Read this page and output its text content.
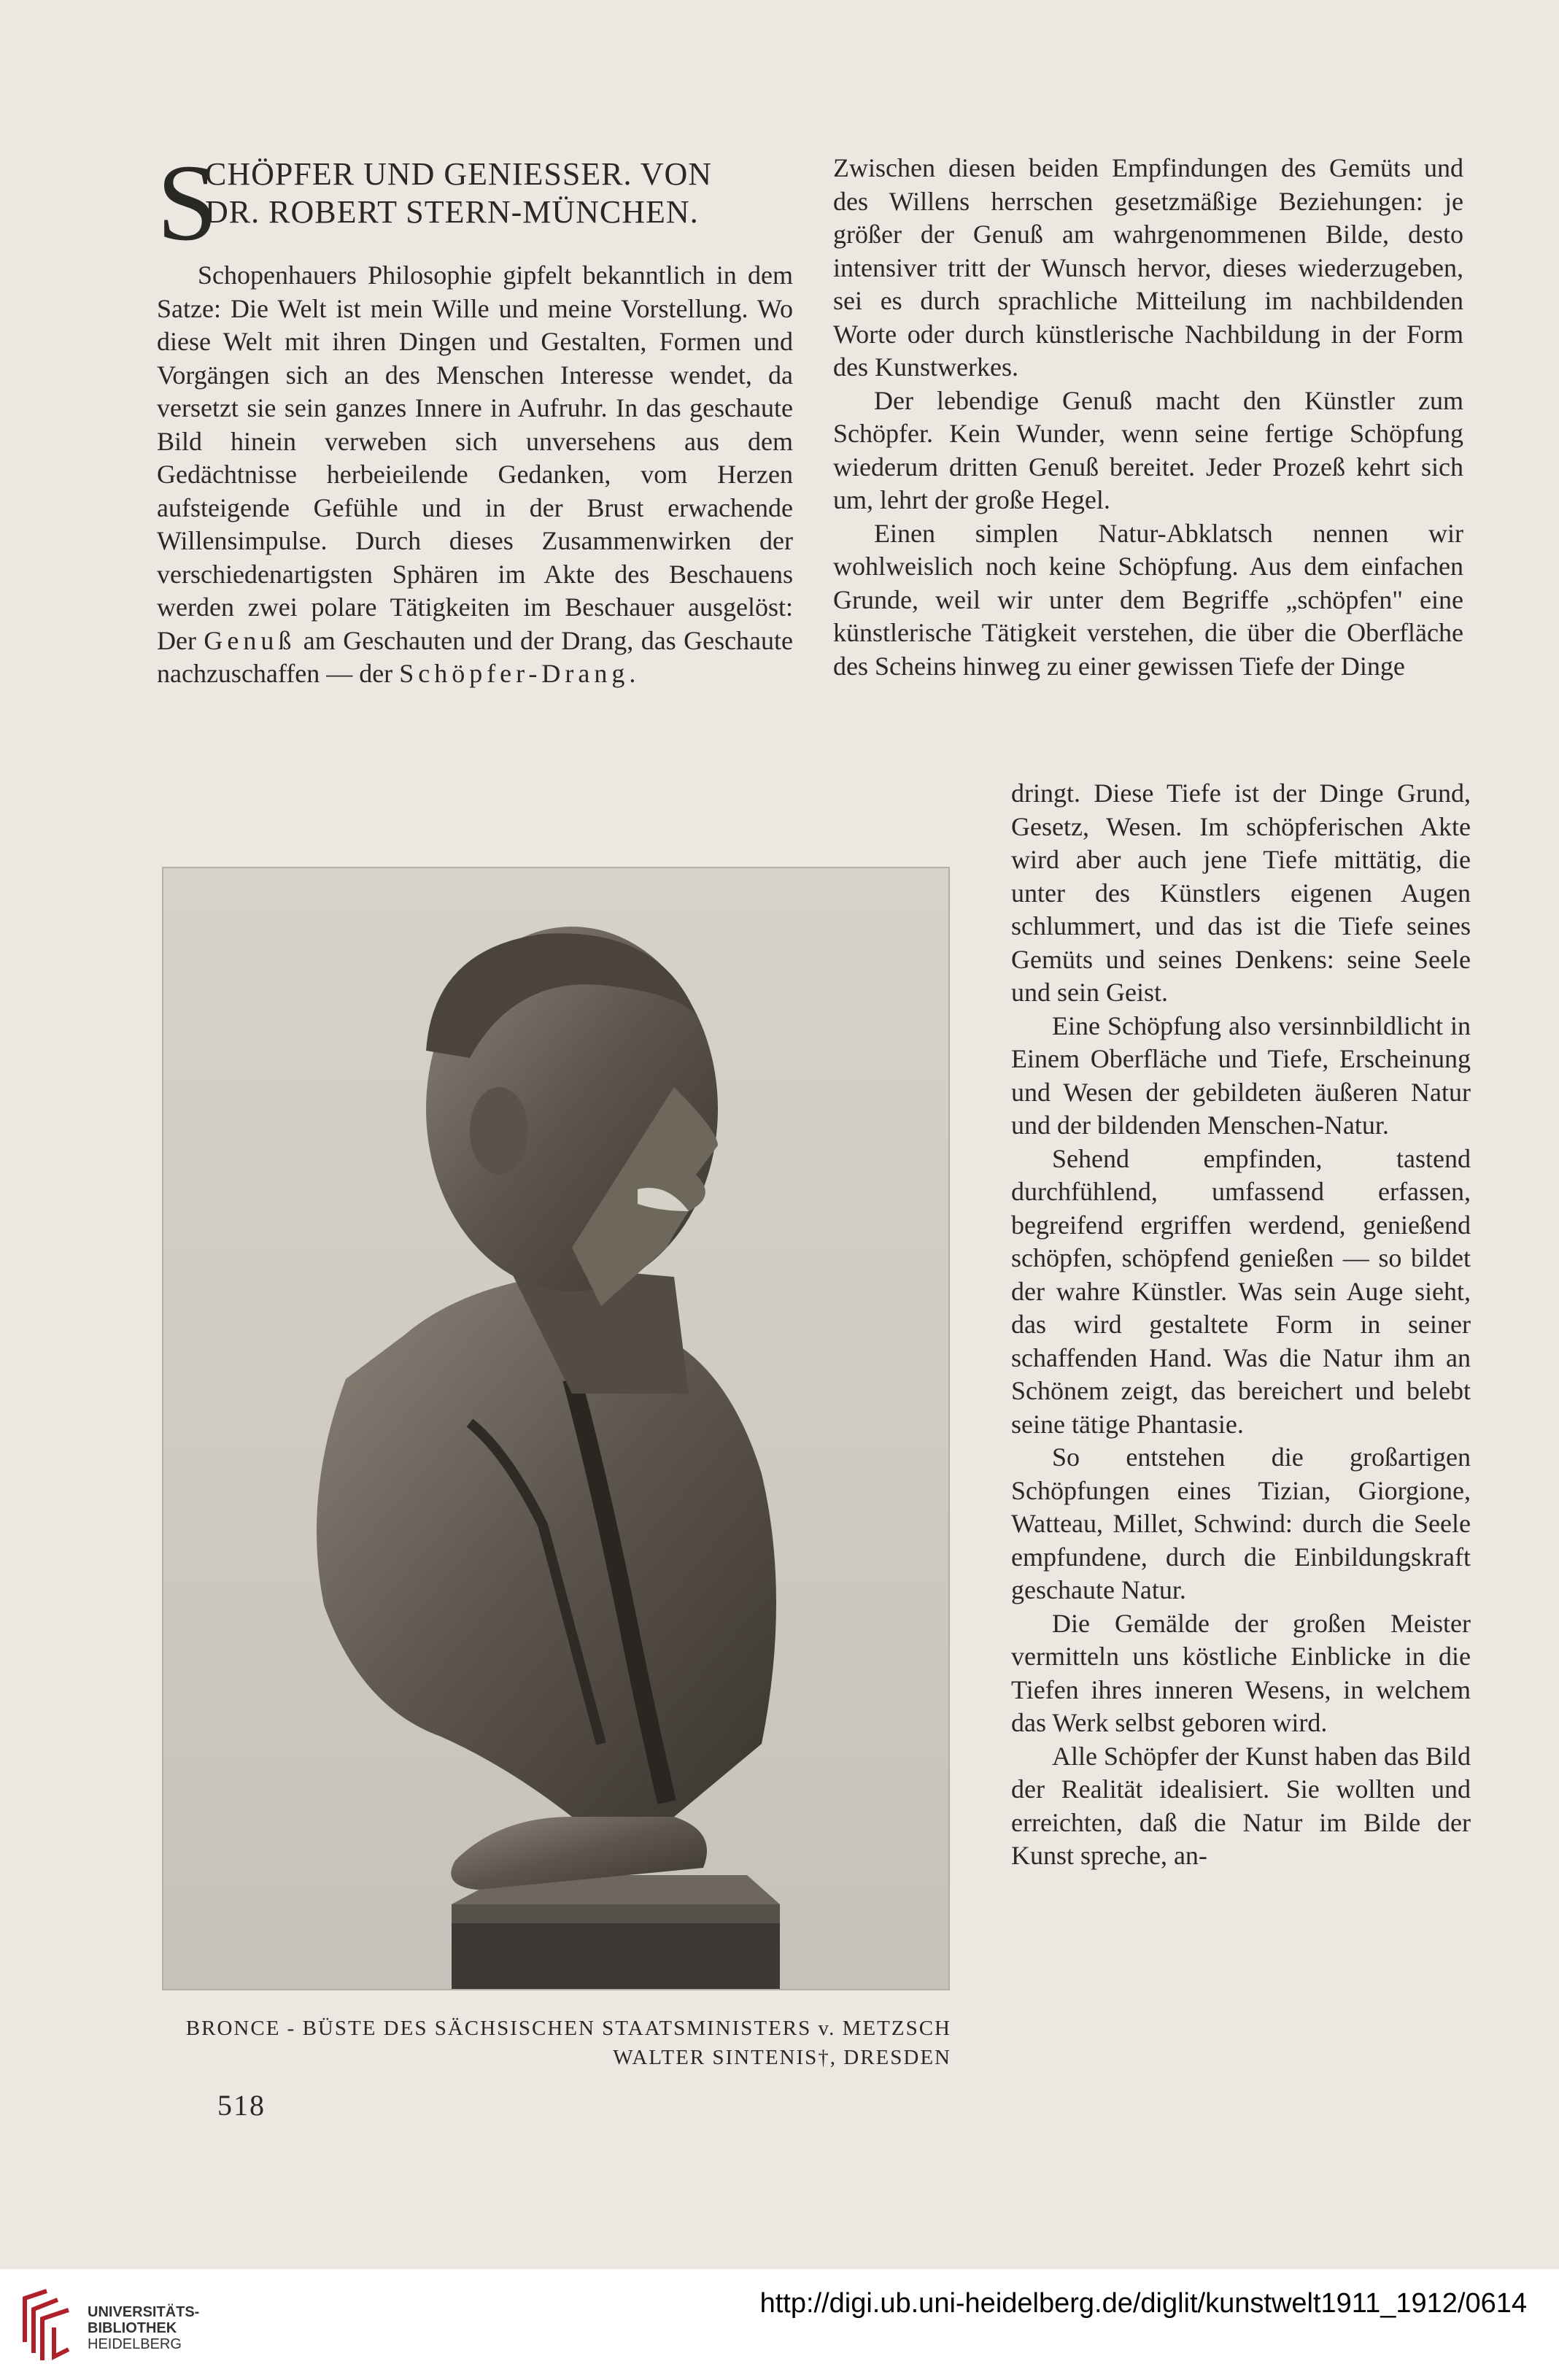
S
CHÖPFER UND GENIESSER. VON
DR. ROBERT STERN-MÜNCHEN.

Schopenhauers Philosophie gipfelt bekanntlich in dem Satze: Die Welt ist mein Wille und meine Vorstellung. Wo diese Welt mit ihren Dingen und Gestalten, Formen und Vorgängen sich an des Menschen Interesse wendet, da versetzt sie sein ganzes Innere in Aufruhr. In das geschaute Bild hinein verweben sich unversehens aus dem Gedächtnisse herbeieilende Gedanken, vom Herzen aufsteigende Gefühle und in der Brust erwachende Willensimpulse. Durch dieses Zusammenwirken der verschiedenartigsten Sphären im Akte des Beschauens werden zwei polare Tätigkeiten im Beschauer ausgelöst: Der Genuß am Geschauten und der Drang, das Geschaute nachzuschaffen — der Schöpfer-Drang.

Zwischen diesen beiden Empfindungen des Gemüts und des Willens herrschen gesetzmäßige Beziehungen: je größer der Genuß am wahrgenommenen Bilde, desto intensiver tritt der Wunsch hervor, dieses wiederzugeben, sei es durch sprachliche Mitteilung im nachbildenden Worte oder durch künstlerische Nachbildung in der Form des Kunstwerkes.

Der lebendige Genuß macht den Künstler zum Schöpfer. Kein Wunder, wenn seine fertige Schöpfung wiederum dritten Genuß bereitet. Jeder Prozeß kehrt sich um, lehrt der große Hegel.

Einen simplen Natur-Abklatsch nennen wir wohlweislich noch keine Schöpfung. Aus dem einfachen Grunde, weil wir unter dem Begriffe „schöpfen" eine künstlerische Tätigkeit verstehen, die über die Oberfläche des Scheins hinweg zu einer gewissen Tiefe der Dinge

dringt. Diese Tiefe ist der Dinge Grund, Gesetz, Wesen. Im schöpferischen Akte wird aber auch jene Tiefe mittätig, die unter des Künstlers eigenen Augen schlummert, und das ist die Tiefe seines Gemüts und seines Denkens: seine Seele und sein Geist.

Eine Schöpfung also versinnbildlicht in Einem Oberfläche und Tiefe, Erscheinung und Wesen der gebildeten äußeren Natur und der bildenden Menschen-Natur.

Sehend empfinden, tastend durchfühlend, umfassend erfassen, begreifend ergriffen werdend, genießend schöpfen, schöpfend genießen — so bildet der wahre Künstler. Was sein Auge sieht, das wird gestaltete Form in seiner schaffenden Hand. Was die Natur ihm an Schönem zeigt, das bereichert und belebt seine tätige Phantasie.

So entstehen die großartigen Schöpfungen eines Tizian, Giorgione, Watteau, Millet, Schwind: durch die Seele empfundene, durch die Einbildungskraft geschaute Natur.

Die Gemälde der großen Meister vermitteln uns köstliche Einblicke in die Tiefen ihres inneren Wesens, in welchem das Werk selbst geboren wird.

Alle Schöpfer der Kunst haben das Bild der Realität idealisiert. Sie wollten und erreichten, daß die Natur im Bilde der Kunst spreche, an-

BRONCE - BÜSTE DES SÄCHSISCHEN STAATSMINISTERS v. METZSCH
WALTER SINTENIS†, DRESDEN
518
UNIVERSITÄTS-
BIBLIOTHEK
HEIDELBERG
http://digi.ub.uni-heidelberg.de/diglit/kunstwelt1911_1912/0614
